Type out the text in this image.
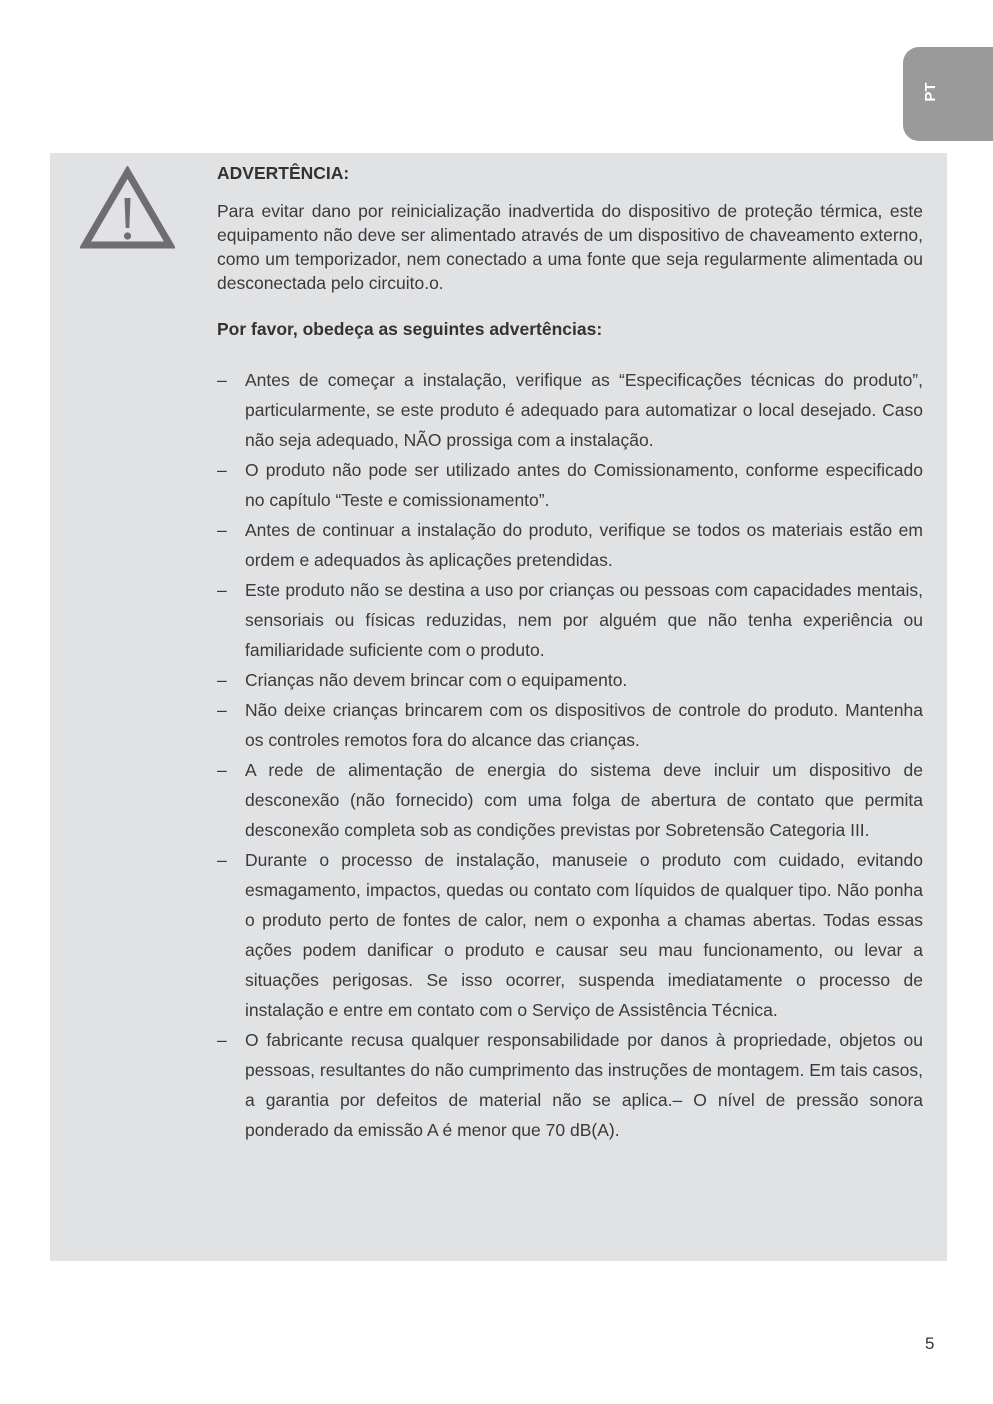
PT

ADVERTÊNCIA:

Para evitar dano por reinicialização inadvertida do dispositivo de proteção térmica, este equipamento não deve ser alimentado através de um dispositivo de chaveamento externo, como um temporizador, nem conectado a uma fonte que seja regularmente alimentada ou desconectada pelo circuito.o.

Por favor, obedeça as seguintes advertências:

– Antes de começar a instalação, verifique as “Especificações técnicas do produto”, particularmente, se este produto é adequado para automatizar o local desejado. Caso não seja adequado, NÃO prossiga com a instalação.
– O produto não pode ser utilizado antes do Comissionamento, conforme especificado no capítulo “Teste e comissionamento”.
– Antes de continuar a instalação do produto, verifique se todos os materiais estão em ordem e adequados às aplicações pretendidas.
– Este produto não se destina a uso por crianças ou pessoas com capacidades mentais, sensoriais ou físicas reduzidas, nem por alguém que não tenha experiência ou familiaridade suficiente com o produto.
– Crianças não devem brincar com o equipamento.
– Não deixe crianças brincarem com os dispositivos de controle do produto. Mantenha os controles remotos fora do alcance das crianças.
– A rede de alimentação de energia do sistema deve incluir um dispositivo de desconexão (não fornecido) com uma folga de abertura de contato que permita desconexão completa sob as condições previstas por Sobretensão Categoria III.
– Durante o processo de instalação, manuseie o produto com cuidado, evitando esmagamento, impactos, quedas ou contato com líquidos de qualquer tipo. Não ponha o produto perto de fontes de calor, nem o exponha a chamas abertas. Todas essas ações podem danificar o produto e causar seu mau funcionamento, ou levar a situações perigosas. Se isso ocorrer, suspenda imediatamente o processo de instalação e entre em contato com o Serviço de Assistência Técnica.
– O fabricante recusa qualquer responsabilidade por danos à propriedade, objetos ou pessoas, resultantes do não cumprimento das instruções de montagem. Em tais casos, a garantia por defeitos de material não se aplica.– O nível de pressão sonora ponderado da emissão A é menor que 70 dB(A).
5
